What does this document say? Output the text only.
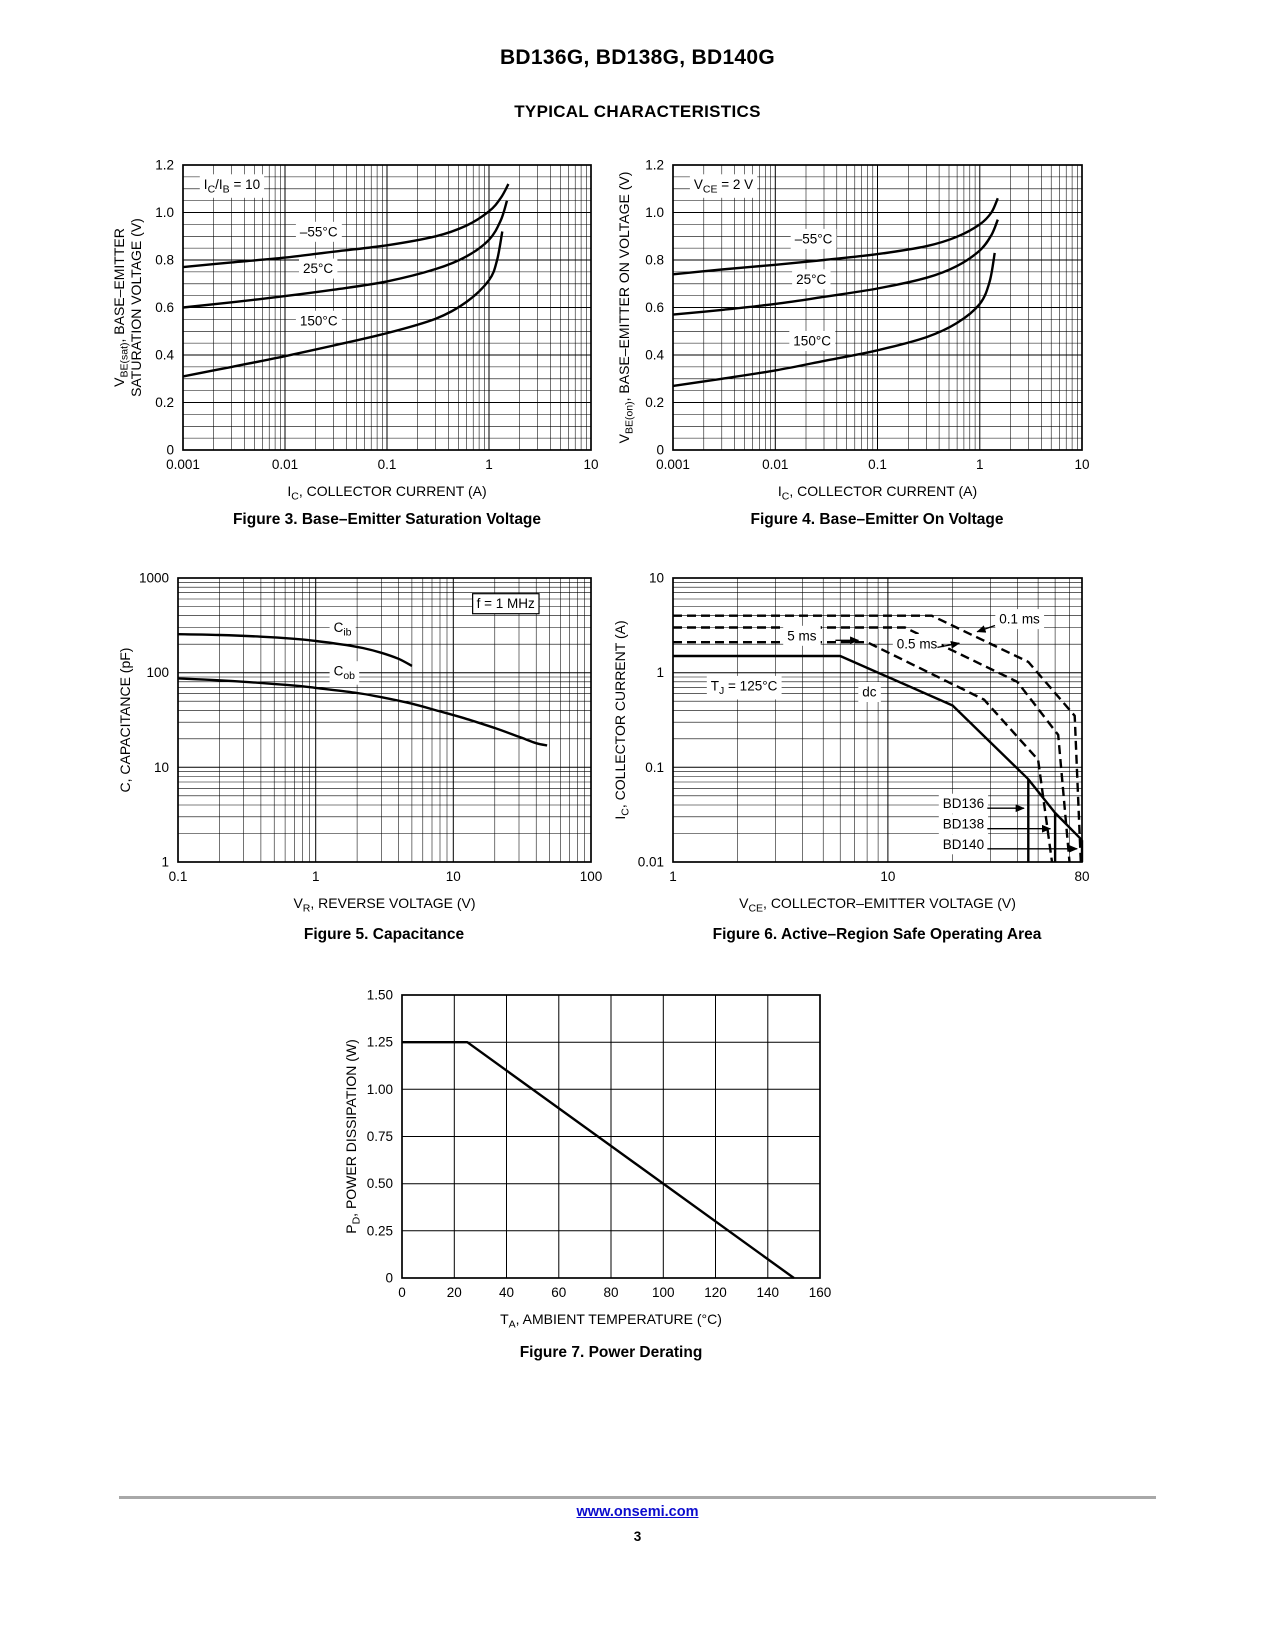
BD136G, BD138G, BD140G
TYPICAL CHARACTERISTICS
$I_C/I_B = 10$
–55°C
25°C
150°C
0.001	0.01	0.1	1	10
0
0.2
0.4
0.6
0.8
1.0
1.2
$I_C$, COLLECTOR CURRENT (A)
$V_{BE(sat)}$, BASE–EMITTER SATURATION VOLTAGE (V)
$V_{CE} = 2$ V
–55°C
25°C
150°C
0.001	0.01	0.1	1	10
0
0.2
0.4
0.6
0.8
1.0
1.2
$I_C$, COLLECTOR CURRENT (A)
$V_{BE(on)}$, BASE–EMITTER ON VOLTAGE (V)
f = 1 MHz
$C_{ib}$
$C_{ob}$
0.1	1	10	100
1
10
100
1000
$V_R$, REVERSE VOLTAGE (V)
C, CAPACITANCE (pF)	$T_J = 125^\circ C$	dc
5 ms
0.5 ms
0.1 ms
BD136
BD138
BD140
1	10	80
0.01
0.1
1
10
$V_{CE}$, COLLECTOR–EMITTER VOLTAGE (V)
$I_C$, COLLECTOR CURRENT (A)
0	20	40	60	80 100 120 140 160
0
0.25
0.50
0.75
1.00
1.25
1.50
$T_A$, AMBIENT TEMPERATURE (°C)
$P_D$, POWER DISSIPATION (W)
Figure 3. Base–Emitter Saturation Voltage	Figure 4. Base–Emitter On Voltage
Figure 5. Capacitance	Figure 6. Active–Region Safe Operating Area
Figure 7. Power Derating
www.onsemi.com
3
